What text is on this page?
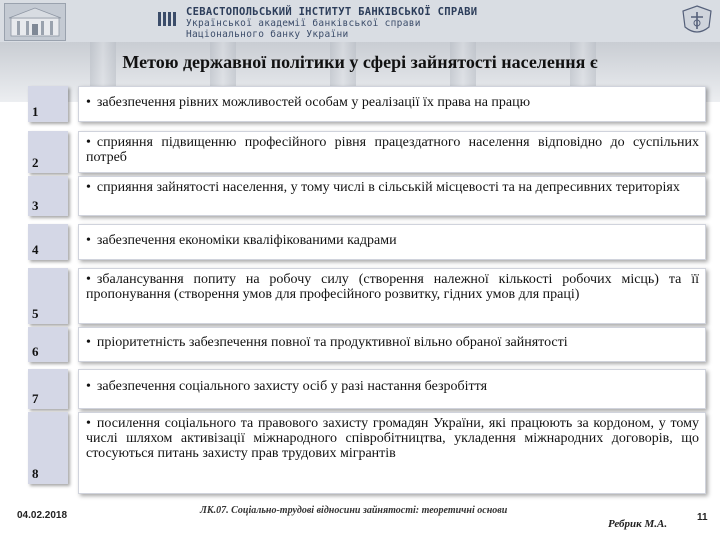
СЕВАСТОПОЛЬСЬКИЙ ІНСТИТУТ БАНКІВСЬКОЇ СПРАВИ
Української академії банківської справи
Національного банку України
Метою державної політики у сфері зайнятості населення є
1
• забезпечення рівних можливостей особам у реалізації їх права на працю
2
• сприяння підвищенню професійного рівня працездатного населення відповідно до суспільних потреб
3
• сприяння зайнятості населення, у тому числі в сільській місцевості та на депресивних територіях
4
• забезпечення економіки кваліфікованими кадрами
5
• збалансування попиту на робочу силу (створення належної кількості робочих місць) та її пропонування (створення умов для професійного розвитку, гідних умов для праці)
6
• пріоритетність забезпечення повної та продуктивної вільно обраної зайнятості
7
• забезпечення соціального захисту осіб у разі настання безробіття
8
• посилення соціального та правового захисту громадян України, які працюють за кордоном, у тому числі шляхом активізації міжнародного співробітництва, укладення міжнародних договорів, що стосуються питань захисту прав трудових мігрантів
04.02.2018	ЛК.07. Соціально-трудові відносини зайнятості: теоретичні основи
Ребрик М.А.
11
